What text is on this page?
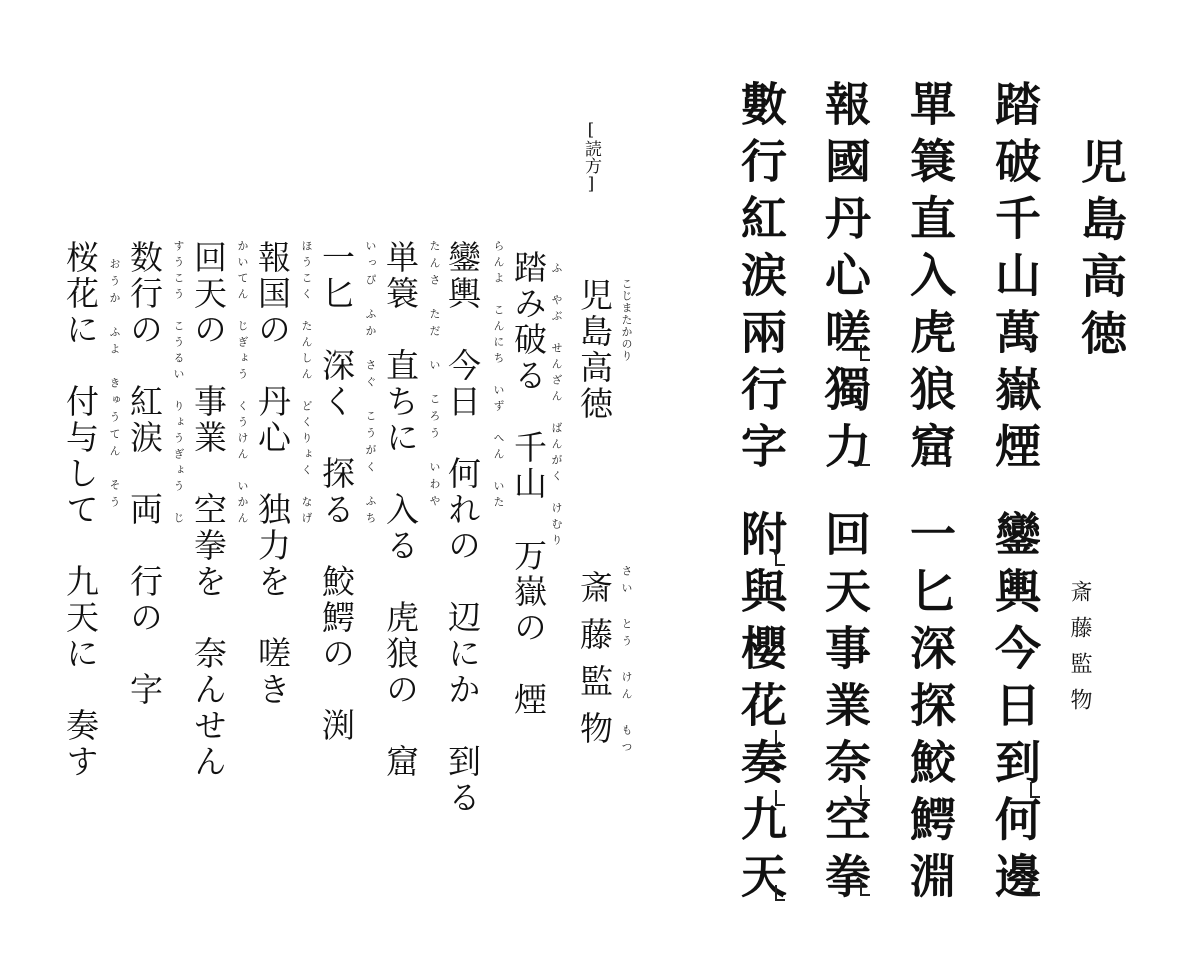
児島高徳
踏破千山萬嶽煙
單簑直入虎狼窟
報國丹心嗟獨力
數行紅涙兩行字
斎藤監物
鑾輿今日到何邊
一匕深探鮫鰐淵
回天事業奈空拳
附與櫻花奏九天
[読方]
児島高徳 こじまたかのり
斎藤監物 さい とう けん もつ
踏み破る　千山　万嶽の　煙 ふ　やぶ　せんざん　ばんがく　けむり
鑾輿　今日　何れの　辺にか　到る らんよ　こんにち　いず　へん　いた
単簑　直ちに　入る　虎狼の　窟 たんさ　ただ　い　ころう　いわや
一匕　深く　探る　鮫鰐の　渕 いっぴ　ふか　さぐ　こうがく　ふち
報国の　丹心　独力を　嗟き ほうこく　たんしん　どくりょく　なげ
回天の　事業　空拳を　奈んせん かいてん　じぎょう　くうけん　いかん
数行の　紅涙　両　行の　字 すうこう　こうるい　りょうぎょう　じ
桜花に　付与して　九天に　奏す おうか　ふよ　きゅうてん　そう
